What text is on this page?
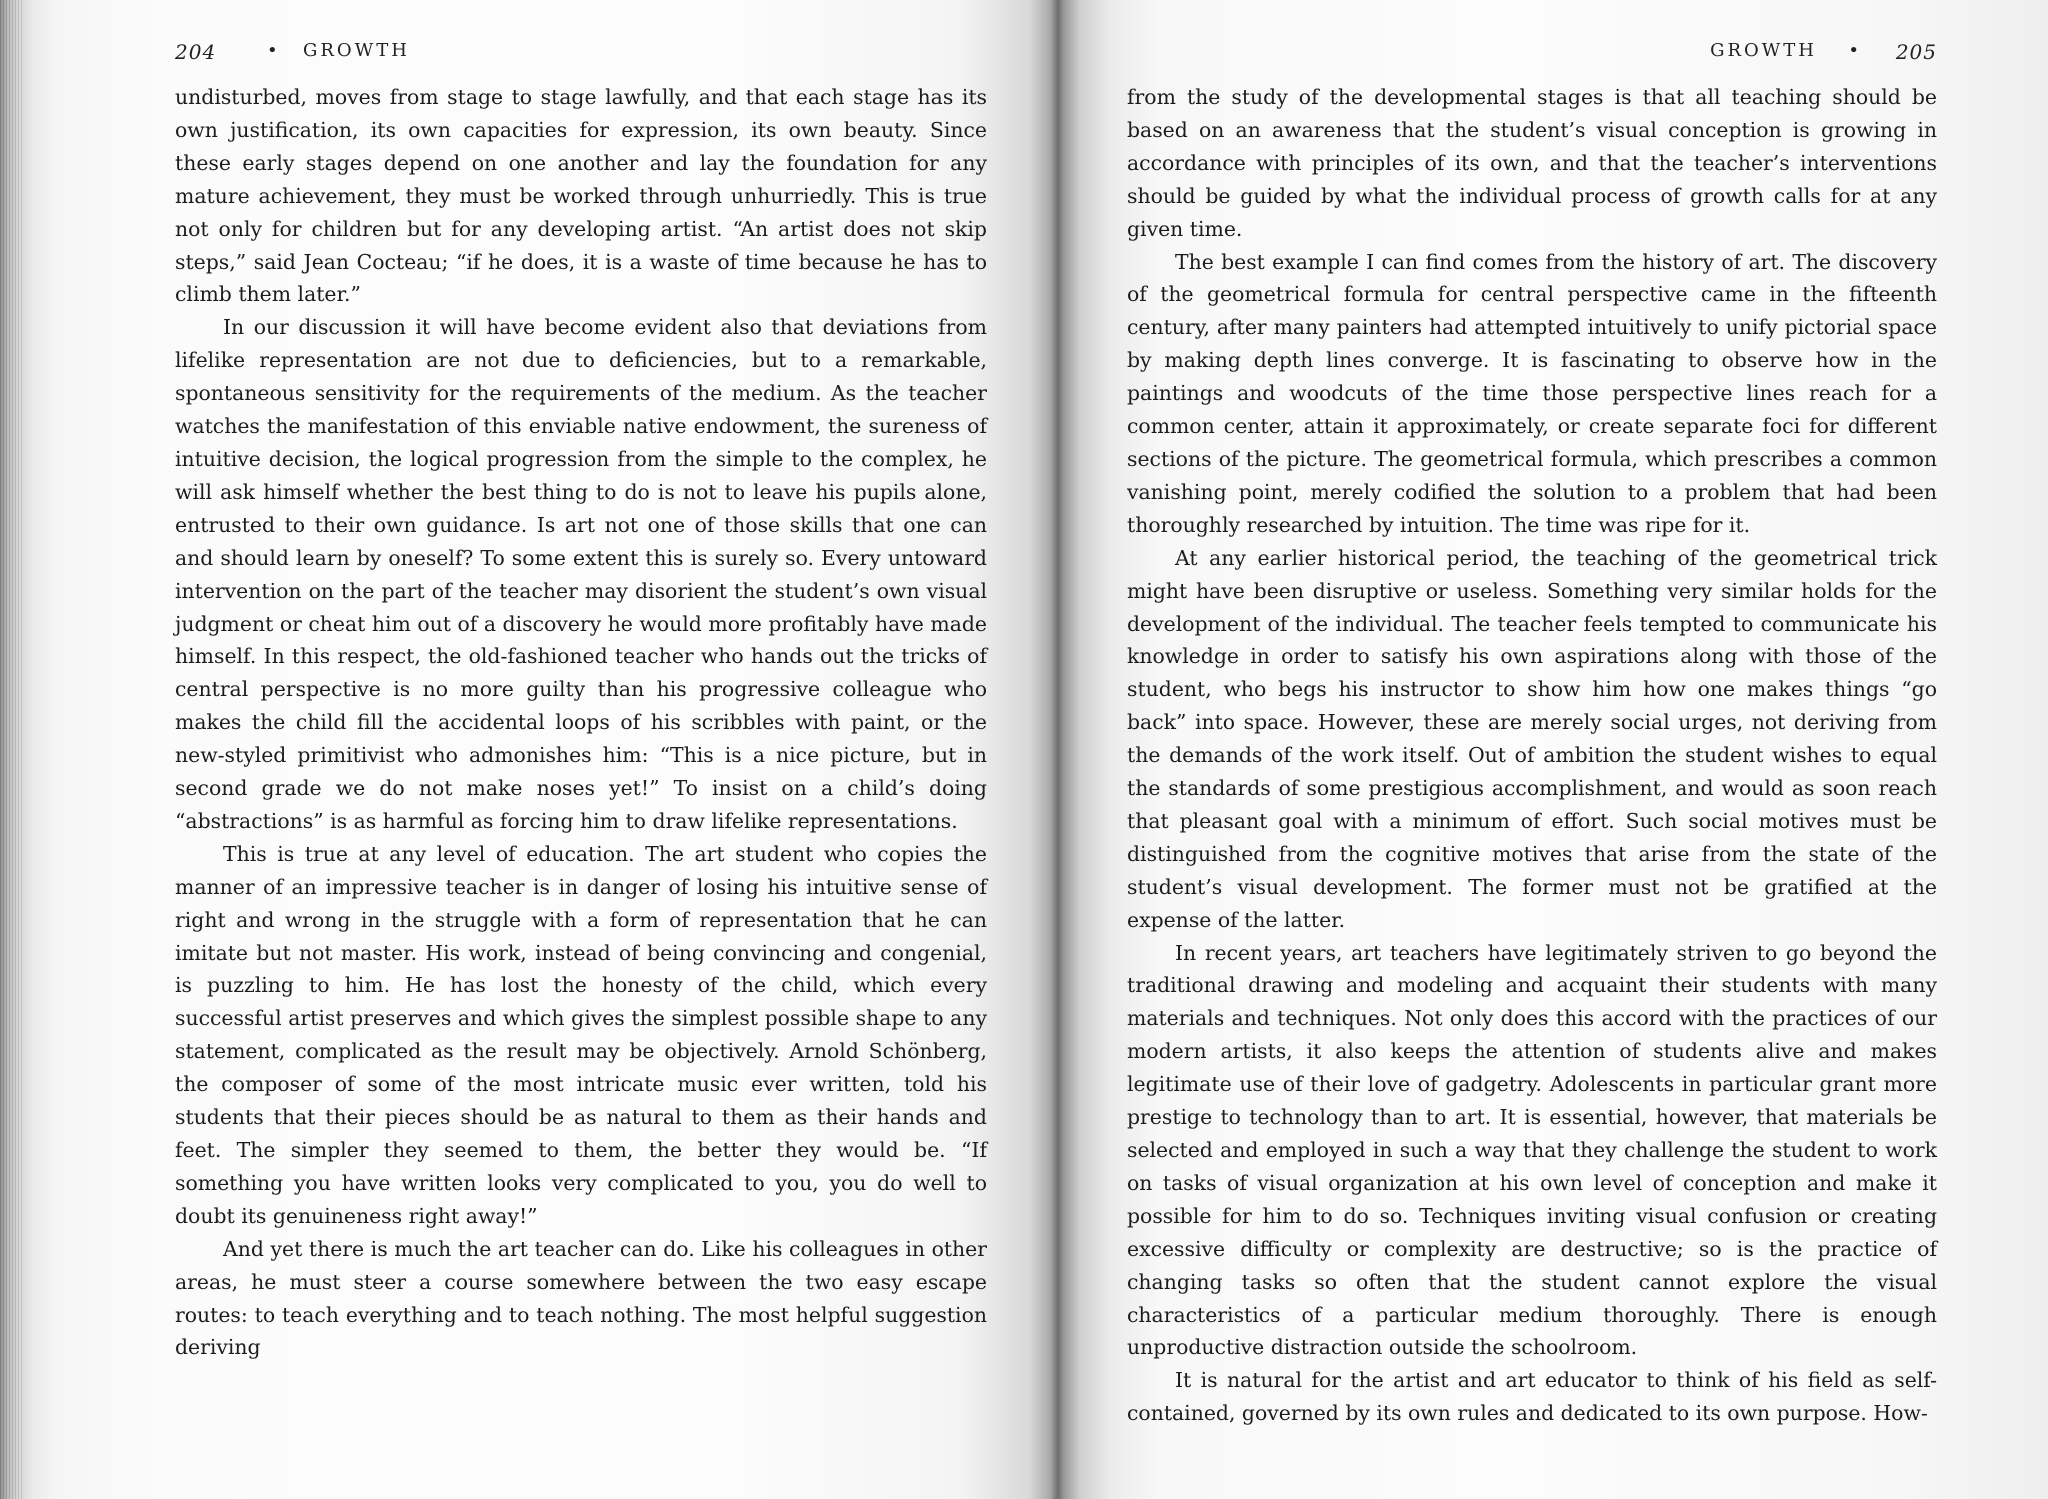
204	• GROWTH

undisturbed, moves from stage to stage lawfully, and that each stage has its own justification, its own capacities for expression, its own beauty. Since these early stages depend on one another and lay the foundation for any mature achievement, they must be worked through unhurriedly. This is true not only for children but for any developing artist. “An artist does not skip steps,” said Jean Cocteau; “if he does, it is a waste of time because he has to climb them later.”

In our discussion it will have become evident also that deviations from lifelike representation are not due to deficiencies, but to a remarkable, spontaneous sensitivity for the requirements of the medium. As the teacher watches the manifestation of this enviable native endowment, the sureness of intuitive decision, the logical progression from the simple to the complex, he will ask himself whether the best thing to do is not to leave his pupils alone, entrusted to their own guidance. Is art not one of those skills that one can and should learn by oneself? To some extent this is surely so. Every untoward intervention on the part of the teacher may disorient the student’s own visual judgment or cheat him out of a discovery he would more profitably have made himself. In this respect, the old-fashioned teacher who hands out the tricks of central perspective is no more guilty than his progressive colleague who makes the child fill the accidental loops of his scribbles with paint, or the new-styled primitivist who admonishes him: “This is a nice picture, but in second grade we do not make noses yet!” To insist on a child’s doing “abstractions” is as harmful as forcing him to draw lifelike representations.

This is true at any level of education. The art student who copies the manner of an impressive teacher is in danger of losing his intuitive sense of right and wrong in the struggle with a form of representation that he can imitate but not master. His work, instead of being convincing and congenial, is puzzling to him. He has lost the honesty of the child, which every successful artist preserves and which gives the simplest possible shape to any statement, complicated as the result may be objectively. Arnold Schönberg, the composer of some of the most intricate music ever written, told his students that their pieces should be as natural to them as their hands and feet. The simpler they seemed to them, the better they would be. “If something you have written looks very complicated to you, you do well to doubt its genuineness right away!”

And yet there is much the art teacher can do. Like his colleagues in other areas, he must steer a course somewhere between the two easy escape routes: to teach everything and to teach nothing. The most helpful suggestion deriving

GROWTH • 205

from the study of the developmental stages is that all teaching should be based on an awareness that the student’s visual conception is growing in accordance with principles of its own, and that the teacher’s interventions should be guided by what the individual process of growth calls for at any given time.

The best example I can find comes from the history of art. The discovery of the geometrical formula for central perspective came in the fifteenth century, after many painters had attempted intuitively to unify pictorial space by making depth lines converge. It is fascinating to observe how in the paintings and woodcuts of the time those perspective lines reach for a common center, attain it approximately, or create separate foci for different sections of the picture. The geometrical formula, which prescribes a common vanishing point, merely codified the solution to a problem that had been thoroughly researched by intuition. The time was ripe for it.

At any earlier historical period, the teaching of the geometrical trick might have been disruptive or useless. Something very similar holds for the development of the individual. The teacher feels tempted to communicate his knowledge in order to satisfy his own aspirations along with those of the student, who begs his instructor to show him how one makes things “go back” into space. However, these are merely social urges, not deriving from the demands of the work itself. Out of ambition the student wishes to equal the standards of some prestigious accomplishment, and would as soon reach that pleasant goal with a minimum of effort. Such social motives must be distinguished from the cognitive motives that arise from the state of the student’s visual development. The former must not be gratified at the expense of the latter.

In recent years, art teachers have legitimately striven to go beyond the traditional drawing and modeling and acquaint their students with many materials and techniques. Not only does this accord with the practices of our modern artists, it also keeps the attention of students alive and makes legitimate use of their love of gadgetry. Adolescents in particular grant more prestige to technology than to art. It is essential, however, that materials be selected and employed in such a way that they challenge the student to work on tasks of visual organization at his own level of conception and make it possible for him to do so. Techniques inviting visual confusion or creating excessive difficulty or complexity are destructive; so is the practice of changing tasks so often that the student cannot explore the visual characteristics of a particular medium thoroughly. There is enough unproductive distraction outside the schoolroom.

It is natural for the artist and art educator to think of his field as self-contained, governed by its own rules and dedicated to its own purpose. How-
